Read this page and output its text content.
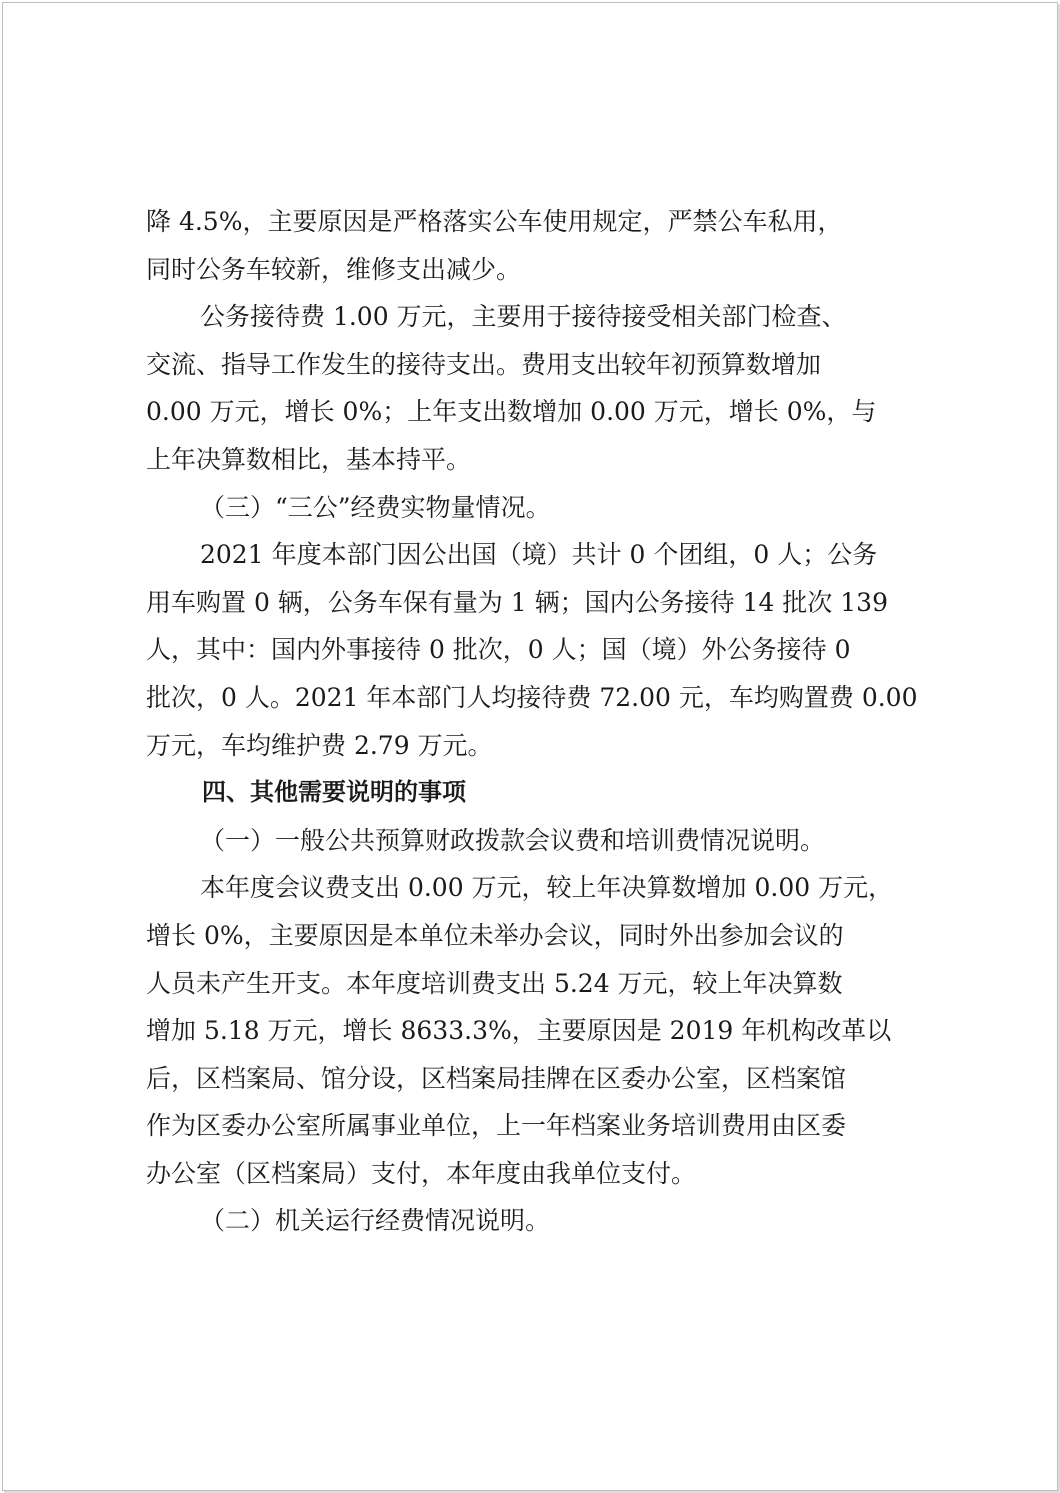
降 4.5%，主要原因是严格落实公车使用规定，严禁公车私用，
同时公务车较新，维修支出减少。
公务接待费 1.00 万元，主要用于接待接受相关部门检查、
交流、指导工作发生的接待支出。费用支出较年初预算数增加
0.00 万元，增长 0%；上年支出数增加 0.00 万元，增长 0%，与
上年决算数相比，基本持平。
（三）“三公”经费实物量情况。
2021 年度本部门因公出国（境）共计 0 个团组，0 人；公务
用车购置 0 辆，公务车保有量为 1 辆；国内公务接待 14 批次 139
人，其中：国内外事接待 0 批次，0 人；国（境）外公务接待 0
批次，0 人。2021 年本部门人均接待费 72.00 元，车均购置费 0.00
万元，车均维护费 2.79 万元。
四、其他需要说明的事项
（一）一般公共预算财政拨款会议费和培训费情况说明。
本年度会议费支出 0.00 万元，较上年决算数增加 0.00 万元，
增长 0%，主要原因是本单位未举办会议，同时外出参加会议的
人员未产生开支。本年度培训费支出 5.24 万元，较上年决算数
增加 5.18 万元，增长 8633.3%，主要原因是 2019 年机构改革以
后，区档案局、馆分设，区档案局挂牌在区委办公室，区档案馆
作为区委办公室所属事业单位，上一年档案业务培训费用由区委
办公室（区档案局）支付，本年度由我单位支付。
（二）机关运行经费情况说明。
